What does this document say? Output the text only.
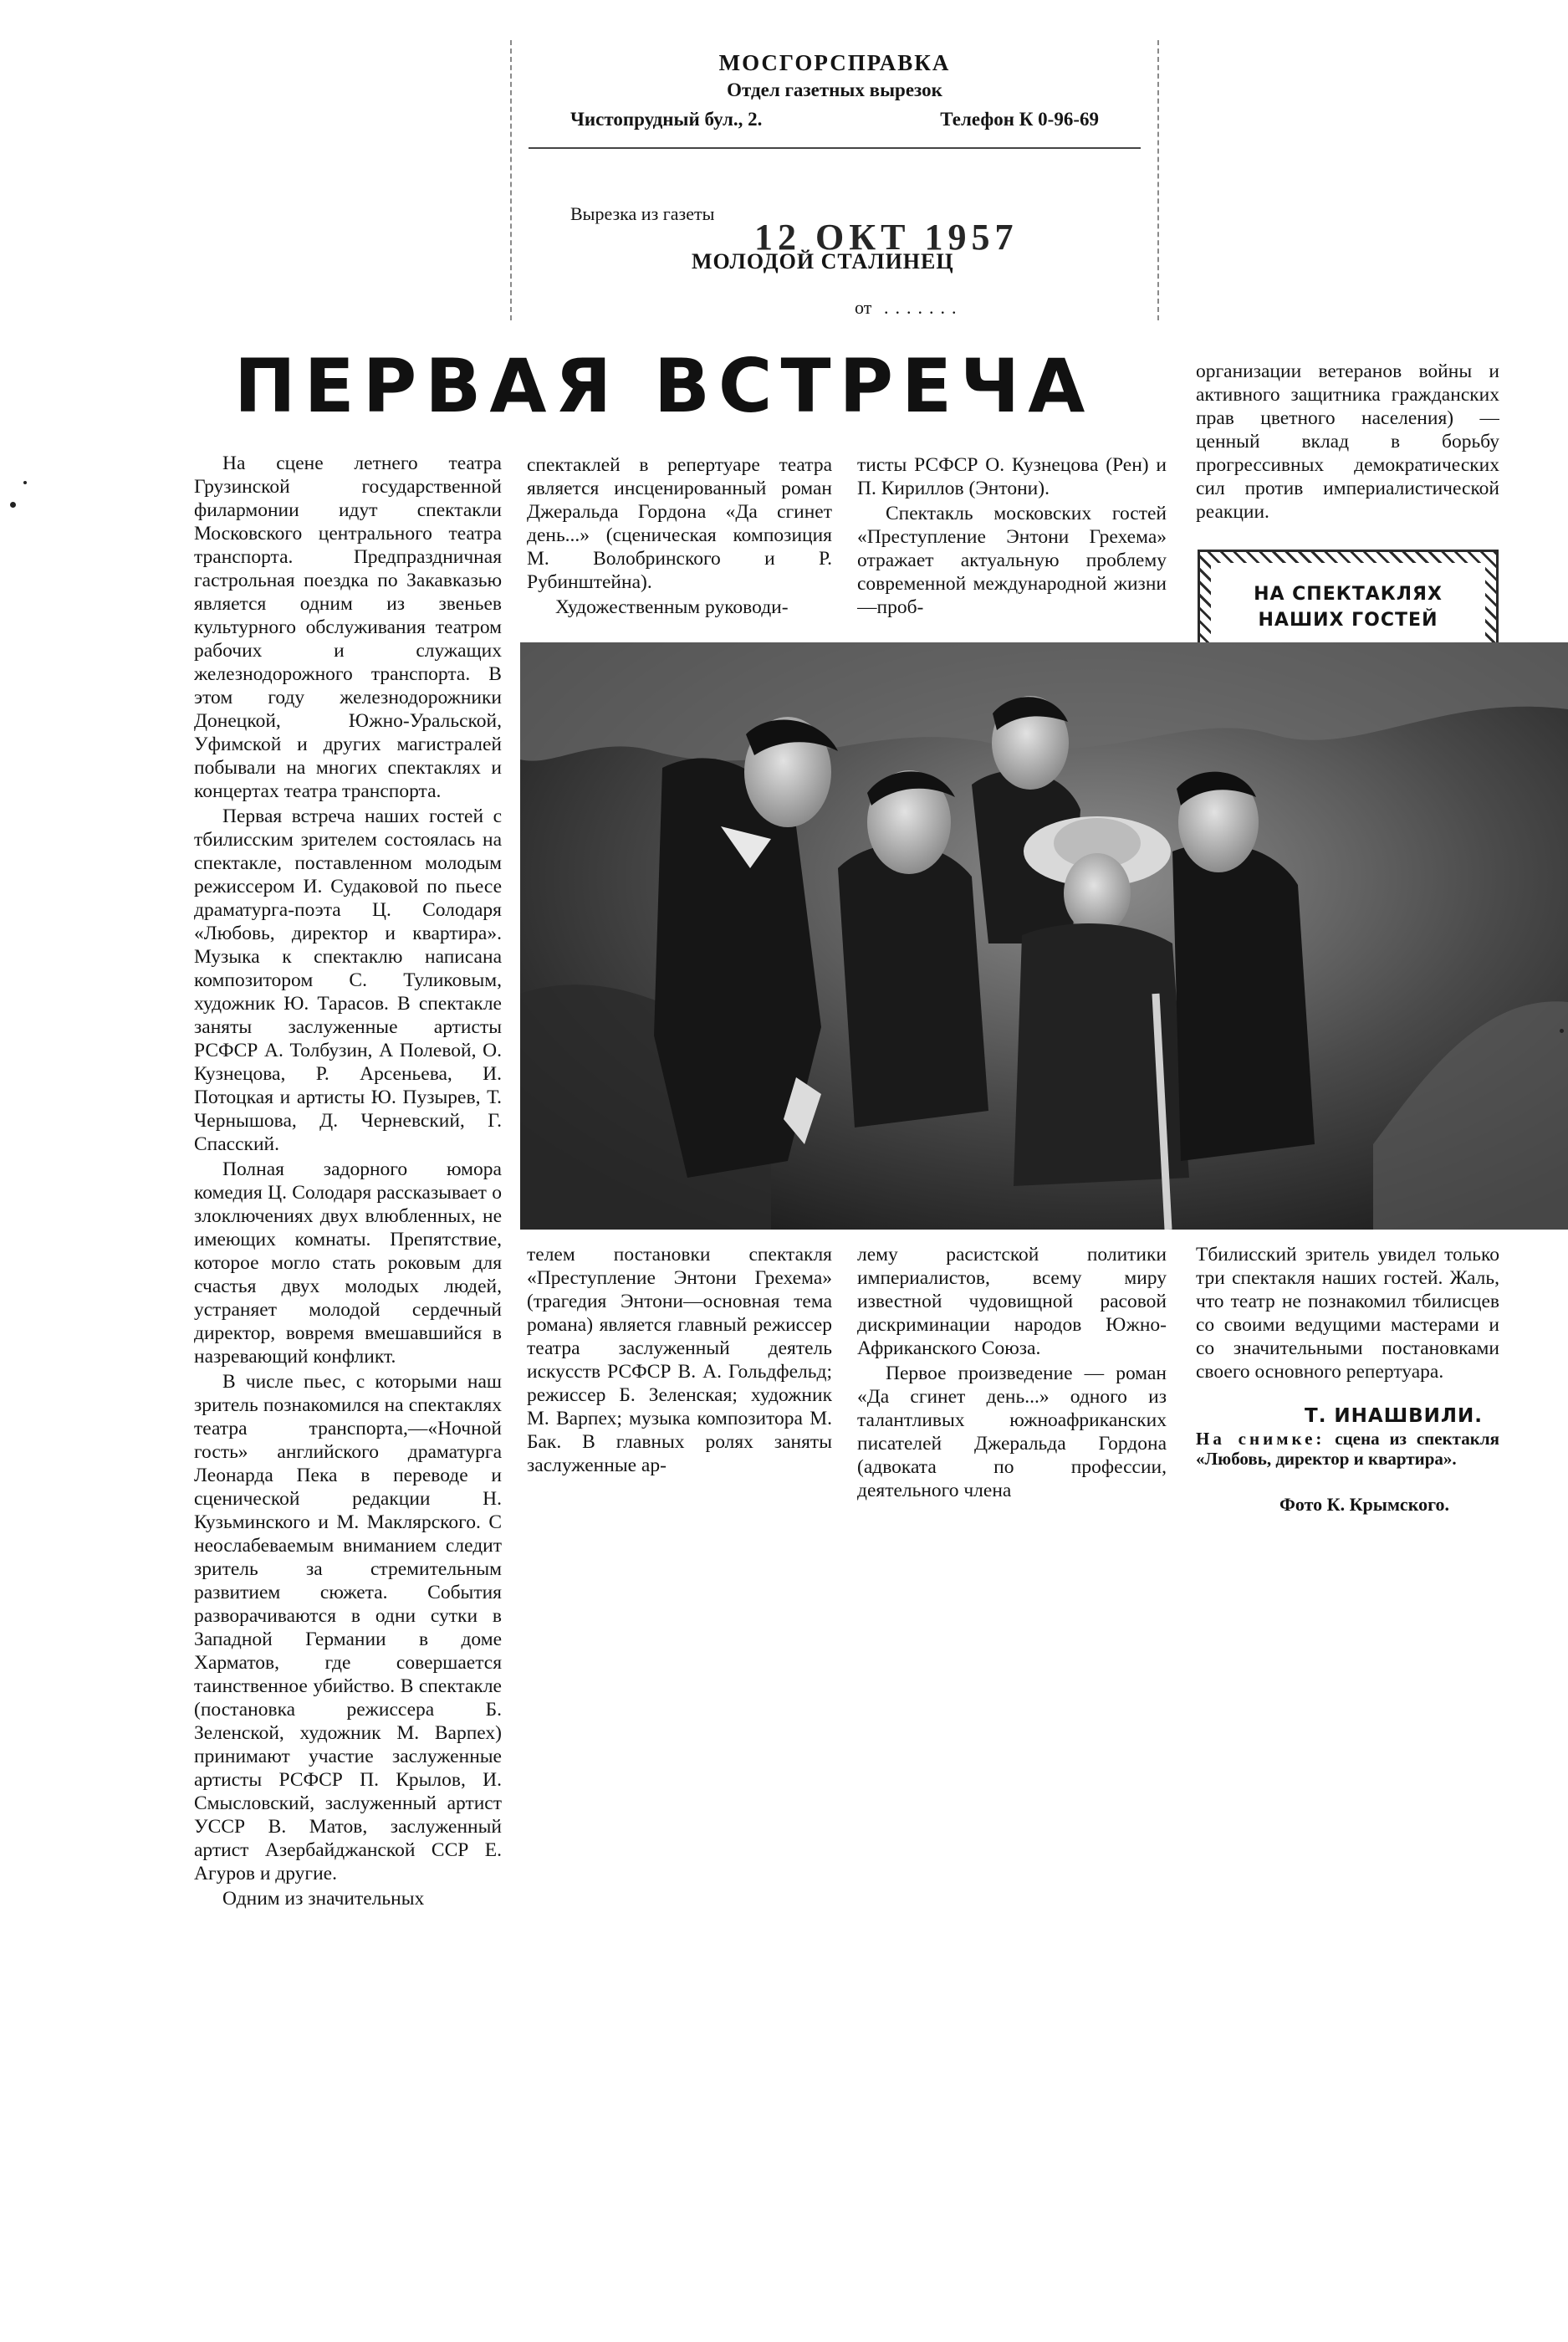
МОСГОРСПРАВКА
Отдел газетных вырезок
Чистопрудный бул., 2.	Телефон К 0-96-69
Вырезка из газеты
12 ОКТ 1957
МОЛОДОЙ СТАЛИНЕЦ
от .......
ПЕРВАЯ ВСТРЕЧА

На сцене летнего театра Грузинской государственной филармонии идут спектакли Московского центрального театра транспорта. Предпраздничная гастрольная поездка по Закавказью является одним из звеньев культурного обслуживания театром рабочих и служащих железнодорожного транспорта. В этом году железнодорожники Донецкой, Южно-Уральской, Уфимской и других магистралей побывали на многих спектаклях и концертах театра транспорта.

Первая встреча наших гостей с тбилисским зрителем состоялась на спектакле, поставленном молодым режиссером И. Судаковой по пьесе драматурга-поэта Ц. Солодаря «Любовь, директор и квартира». Музыка к спектаклю написана композитором С. Туликовым, художник Ю. Тарасов. В спектакле заняты заслуженные артисты РСФСР А. Толбузин, А Полевой, О. Кузнецова, Р. Арсеньева, И. Потоцкая и артисты Ю. Пузырев, Т. Чернышова, Д. Черневский, Г. Спасский.

Полная задорного юмора комедия Ц. Солодаря рассказывает о злоключениях двух влюбленных, не имеющих комнаты. Препятствие, которое могло стать роковым для счастья двух молодых людей, устраняет молодой сердечный директор, вовремя вмешавшийся в назревающий конфликт.

В числе пьес, с которыми наш зритель познакомился на спектаклях театра транспорта,—«Ночной гость» английского драматурга Леонарда Пека в переводе и сценической редакции Н. Кузьминского и М. Маклярского. С неослабеваемым вниманием следит зритель за стремительным развитием сюжета. События разворачиваются в одни сутки в Западной Германии в доме Харматов, где совершается таинственное убийство. В спектакле (постановка режиссера Б. Зеленской, художник М. Варпех) принимают участие заслуженные артисты РСФСР П. Крылов, И. Смысловский, заслуженный артист УССР В. Матов, заслуженный артист Азербайджанской ССР Е. Агуров и другие.

Одним из значительных

спектаклей в репертуаре театра является инсценированный роман Джеральда Гордона «Да сгинет день...» (сценическая композиция М. Волобринского и Р. Рубинштейна).

Художественным руководи-

тисты РСФСР О. Кузнецова (Рен) и П. Кириллов (Энтони).

Спектакль московских гостей «Преступление Энтони Грехема» отражает актуальную проблему современной международной жизни—проб-

организации ветеранов войны и активного защитника гражданских прав цветного населения) — ценный вклад в борьбу прогрессивных демократических сил против империалистической реакции.

НА СПЕКТАКЛЯХ НАШИХ ГОСТЕЙ

телем постановки спектакля «Преступление Энтони Грехема» (трагедия Энтони—основная тема романа) является главный режиссер театра заслуженный деятель искусств РСФСР В. А. Гольдфельд; режиссер Б. Зеленская; художник М. Варпех; музыка композитора М. Бак. В главных ролях заняты заслуженные ар-

лему расистской политики империалистов, всему миру известной чудовищной расовой дискриминации народов Южно-Африканского Союза.

Первое произведение — роман «Да сгинет день...» одного из талантливых южноафриканских писателей Джеральда Гордона (адвоката по профессии, деятельного члена

Тбилисский зритель увидел только три спектакля наших гостей. Жаль, что театр не познакомил тбилисцев со своими ведущими мастерами и со значительными постановками своего основного репертуара.

Т. ИНАШВИЛИ.
На снимке: сцена из спектакля «Любовь, директор и квартира».
Фото К. Крымского.
